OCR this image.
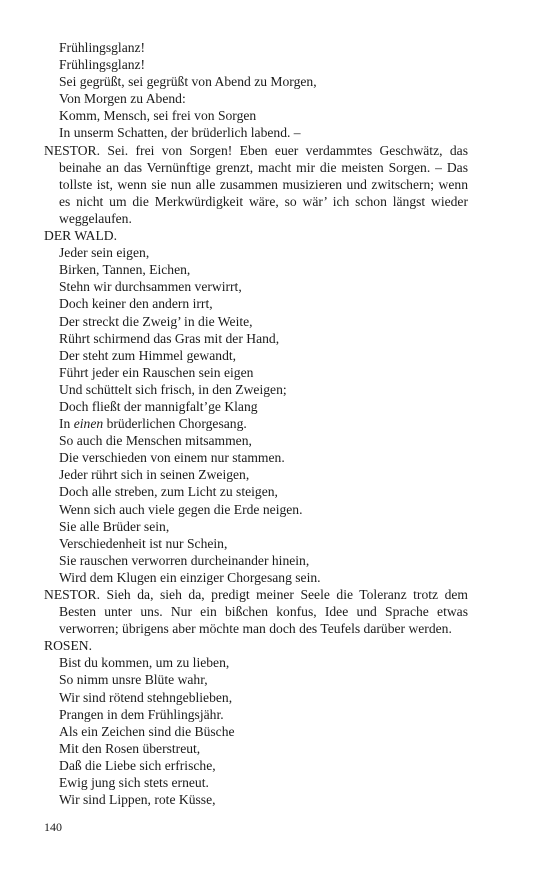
Frühlingsglanz!
Frühlingsglanz!
Sei gegrüßt, sei gegrüßt von Abend zu Morgen,
Von Morgen zu Abend:
Komm, Mensch, sei frei von Sorgen
In unserm Schatten, der brüderlich labend. –
NESTOR. Sei. frei von Sorgen! Eben euer verdammtes Geschwätz, das beinahe an das Vernünftige grenzt, macht mir die meisten Sorgen. – Das tollste ist, wenn sie nun alle zusammen musizieren und zwitschern; wenn es nicht um die Merkwürdigkeit wäre, so wär’ ich schon längst wieder weggelaufen.
DER WALD.
Jeder sein eigen,
Birken, Tannen, Eichen,
Stehn wir durchsammen verwirrt,
Doch keiner den andern irrt,
Der streckt die Zweig’ in die Weite,
Rührt schirmend das Gras mit der Hand,
Der steht zum Himmel gewandt,
Führt jeder ein Rauschen sein eigen
Und schüttelt sich frisch, in den Zweigen;
Doch fließt der mannigfalt’ge Klang
In einen brüderlichen Chorgesang.
So auch die Menschen mitsammen,
Die verschieden von einem nur stammen.
Jeder rührt sich in seinen Zweigen,
Doch alle streben, zum Licht zu steigen,
Wenn sich auch viele gegen die Erde neigen.
Sie alle Brüder sein,
Verschiedenheit ist nur Schein,
Sie rauschen verworren durcheinander hinein,
Wird dem Klugen ein einziger Chorgesang sein.
NESTOR. Sieh da, sieh da, predigt meiner Seele die Toleranz trotz dem Besten unter uns. Nur ein bißchen konfus, Idee und Sprache etwas verworren; übrigens aber möchte man doch des Teufels darüber werden.
ROSEN.
Bist du kommen, um zu lieben,
So nimm unsre Blüte wahr,
Wir sind rötend stehngeblieben,
Prangen in dem Frühlingsjähr.
Als ein Zeichen sind die Büsche
Mit den Rosen überstreut,
Daß die Liebe sich erfrische,
Ewig jung sich stets erneut.
Wir sind Lippen, rote Küsse,
140
